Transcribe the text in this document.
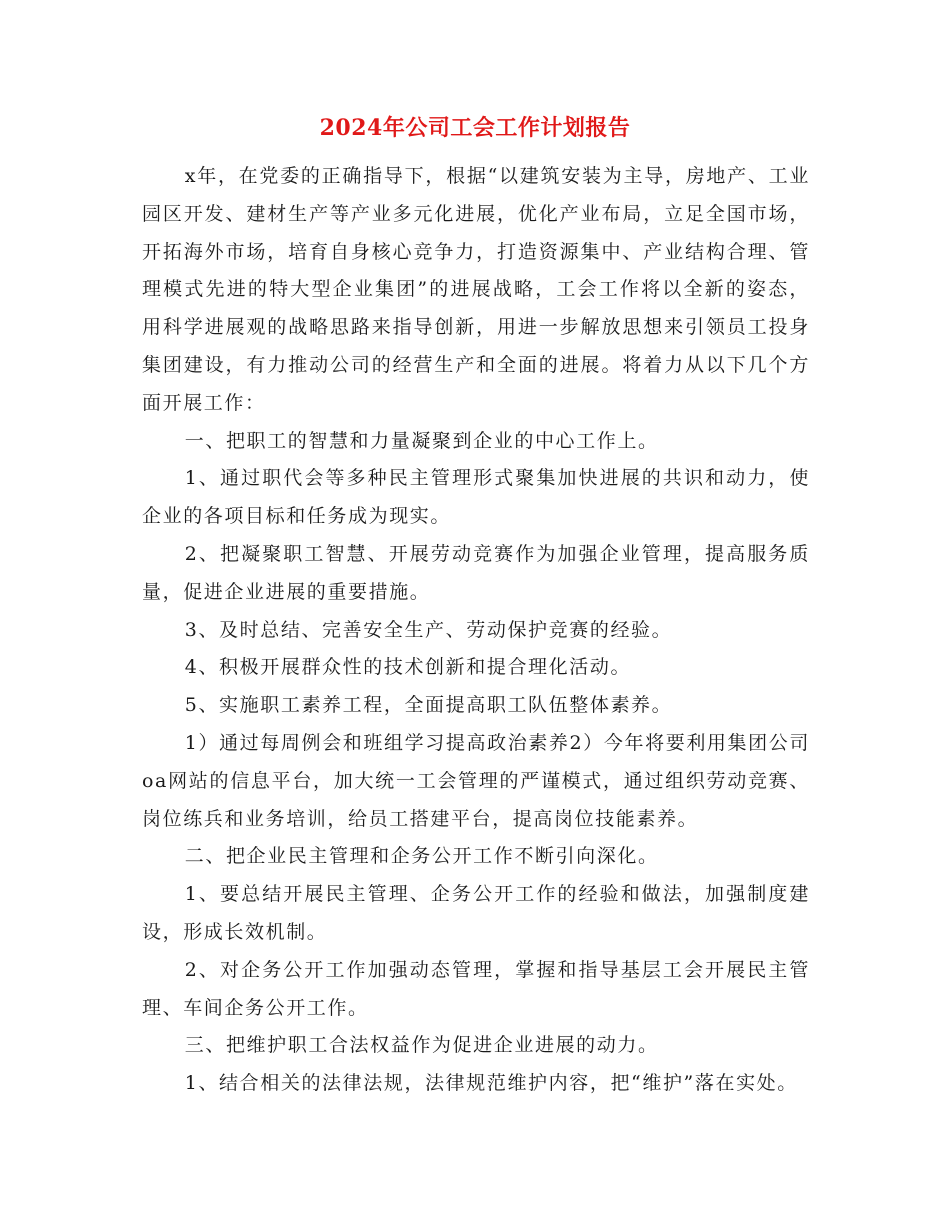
2024年公司工会工作计划报告

x年，在党委的正确指导下，根据“以建筑安装为主导，房地产、工业园区开发、建材生产等产业多元化进展，优化产业布局，立足全国市场，开拓海外市场，培育自身核心竞争力，打造资源集中、产业结构合理、管理模式先进的特大型企业集团”的进展战略，工会工作将以全新的姿态，用科学进展观的战略思路来指导创新，用进一步解放思想来引领员工投身集团建设，有力推动公司的经营生产和全面的进展。将着力从以下几个方面开展工作：

一、把职工的智慧和力量凝聚到企业的中心工作上。

1、通过职代会等多种民主管理形式聚集加快进展的共识和动力，使企业的各项目标和任务成为现实。

2、把凝聚职工智慧、开展劳动竞赛作为加强企业管理，提高服务质量，促进企业进展的重要措施。

3、及时总结、完善安全生产、劳动保护竞赛的经验。

4、积极开展群众性的技术创新和提合理化活动。

5、实施职工素养工程，全面提高职工队伍整体素养。

1）通过每周例会和班组学习提高政治素养2）今年将要利用集团公司oa网站的信息平台，加大统一工会管理的严谨模式，通过组织劳动竞赛、岗位练兵和业务培训，给员工搭建平台，提高岗位技能素养。

二、把企业民主管理和企务公开工作不断引向深化。

1、要总结开展民主管理、企务公开工作的经验和做法，加强制度建设，形成长效机制。

2、对企务公开工作加强动态管理，掌握和指导基层工会开展民主管理、车间企务公开工作。

三、把维护职工合法权益作为促进企业进展的动力。

1、结合相关的法律法规，法律规范维护内容，把“维护”落在实处。
